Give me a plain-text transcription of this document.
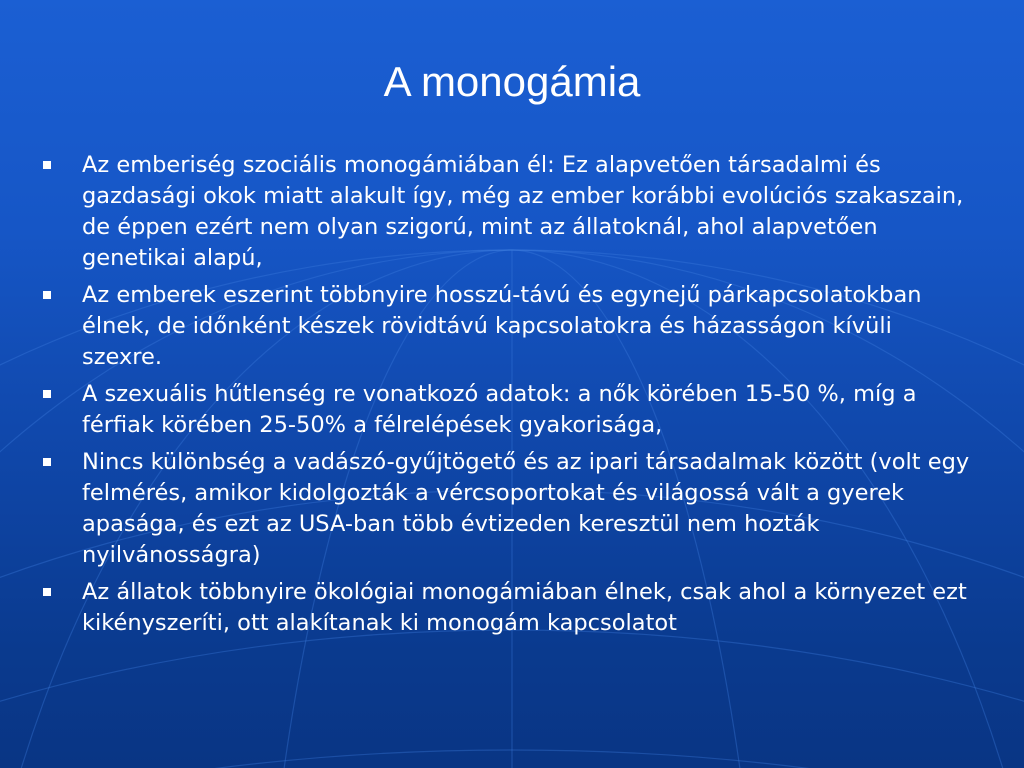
A monogámia
Az emberiség szociális monogámiában él: Ez alapvetően társadalmi és gazdasági okok miatt alakult így, még az ember korábbi evolúciós szakaszain, de éppen ezért nem olyan szigorú, mint az állatoknál, ahol alapvetően genetikai alapú,
Az emberek eszerint többnyire hosszú-távú és egynejű párkapcsolatokban élnek, de időnként készek rövidtávú kapcsolatokra és házasságon kívüli szexre.
A szexuális hűtlenség re vonatkozó adatok: a nők körében 15-50 %, míg a férfiak körében 25-50% a félrelépések gyakorisága,
Nincs különbség a vadászó-gyűjtögető és az ipari társadalmak között (volt egy felmérés, amikor kidolgozták a vércsoportokat és világossá vált a gyerek apasága, és ezt az USA-ban több évtizeden keresztül nem hozták nyilvánosságra)
Az állatok többnyire ökológiai monogámiában élnek, csak ahol a környezet ezt kikényszeríti, ott alakítanak ki monogám kapcsolatot
